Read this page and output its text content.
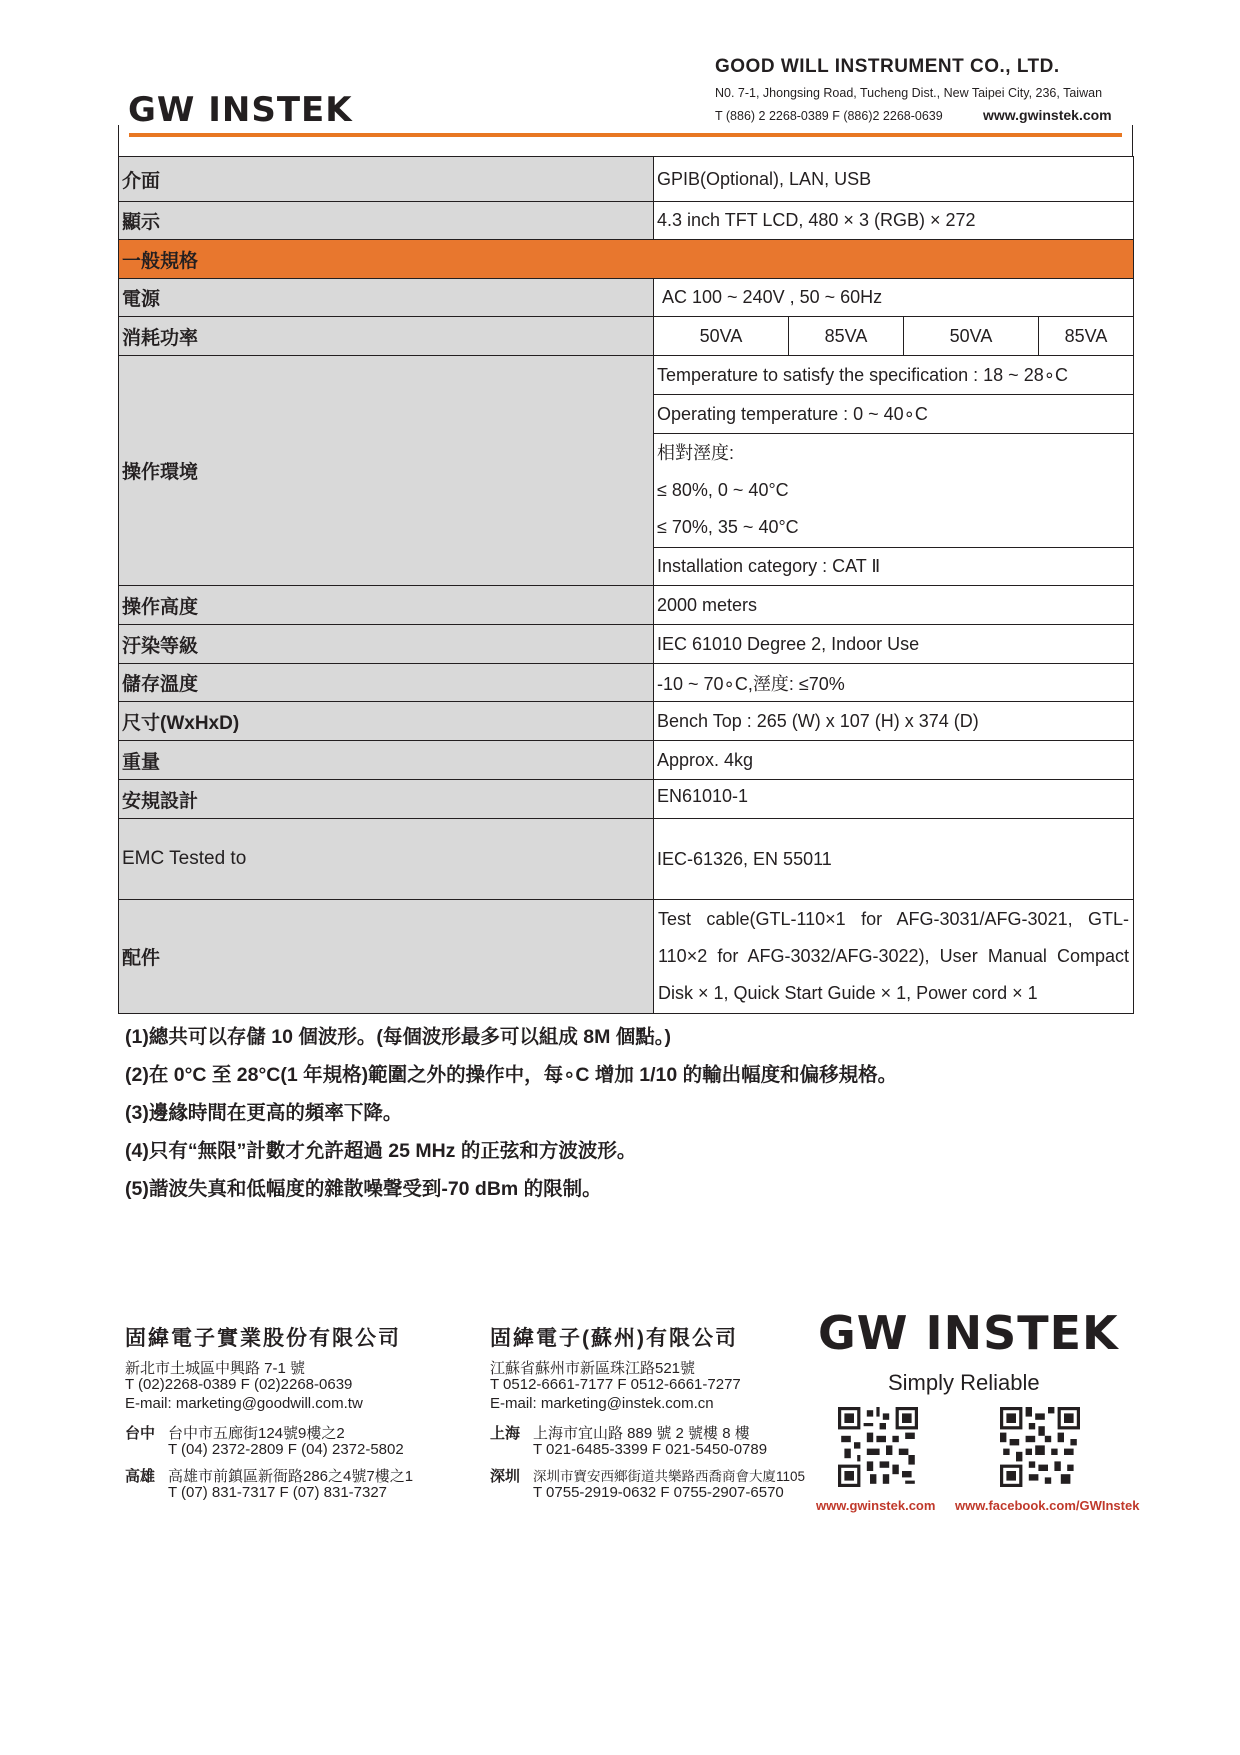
GW INSTEK
GOOD WILL INSTRUMENT CO., LTD.
N0. 7-1, Jhongsing Road, Tucheng Dist., New Taipei City, 236, Taiwan
T (886) 2 2268-0389 F (886)2 2268-0639	www.gwinstek.com
介面	GPIB(Optional), LAN, USB			
顯示	4.3 inch TFT LCD, 480 × 3 (RGB) × 272			
一般規格				
電源	AC 100 ~ 240V , 50 ~ 60Hz			
消耗功率	50VA	85VA	50VA	85VA
操作環境	Temperature to satisfy the specification : 18 ~ 28∘C			
	Operating temperature : 0 ~ 40∘C			

	相對溼度:
≤ 80%, 0 ~ 40°C
≤ 70%, 35 ~ 40°C			

	Installation category : CAT Ⅱ			
操作高度	2000 meters			
汙染等級	IEC 61010 Degree 2, Indoor Use			
儲存溫度	-10 ~ 70∘C,溼度: ≤70%			
尺寸(WxHxD)	Bench Top : 265 (W) x 107 (H) x 374 (D)			
重量	Approx. 4kg			
安規設計	EN61010-1			
EMC Tested to	IEC-61326, EN 55011			
配件	Test cable(GTL-110×1 for AFG-3031/AFG-3021, GTL-110×2 for AFG-3032/AFG-3022), User Manual Compact Disk × 1, Quick Start Guide × 1, Power cord × 1			
(1)總共可以存儲 10 個波形。(每個波形最多可以組成 8M 個點。)
(2)在 0°C 至 28°C(1 年規格)範圍之外的操作中，每∘C 增加 1/10 的輸出幅度和偏移規格。
(3)邊緣時間在更高的頻率下降。
(4)只有“無限”計數才允許超過 25 MHz 的正弦和方波波形。
(5)諧波失真和低幅度的雜散噪聲受到-70 dBm 的限制。
固緯電子實業股份有限公司
新北市土城區中興路 7-1 號
T (02)2268-0389 F (02)2268-0639
E-mail: marketing@goodwill.com.tw
台中 台中市五廊街124號9樓之2
T (04) 2372-2809 F (04) 2372-5802
高雄 高雄市前鎮區新衙路286之4號7樓之1
T (07) 831-7317 F (07) 831-7327
固緯電子(蘇州)有限公司
江蘇省蘇州市新區珠江路521號
T 0512-6661-7177 F 0512-6661-7277
E-mail: marketing@instek.com.cn
上海 上海市宜山路 889 號 2 號樓 8 樓
T 021-6485-3399 F 021-5450-0789
深圳 深圳市寶安西鄉街道共樂路西喬商會大廈1105
T 0755-2919-0632 F 0755-2907-6570
GW INSTEK
Simply Reliable
www.gwinstek.com www.facebook.com/GWInstek
